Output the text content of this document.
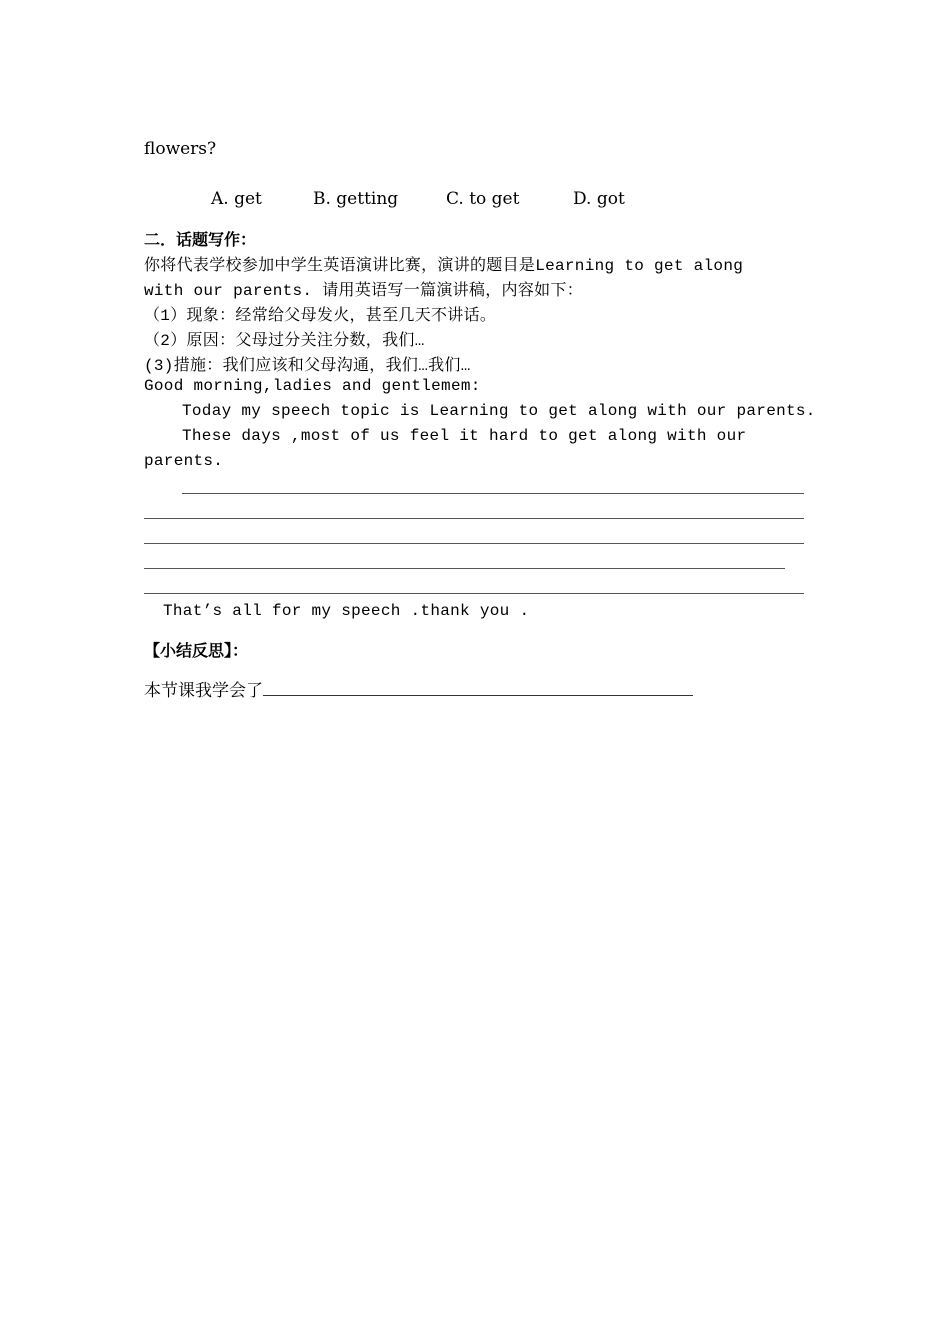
flowers?
A. get	B. getting	C. to get	D. got
二．话题写作：
你将代表学校参加中学生英语演讲比赛，演讲的题目是Learning to get along
with our parents. 请用英语写一篇演讲稿，内容如下：
（1）现象：经常给父母发火，甚至几天不讲话。
（2）原因：父母过分关注分数，我们…
(3)措施：我们应该和父母沟通，我们…我们…
Good morning,ladies and gentlemem:
Today my speech topic is Learning to get along with our parents.
These days ,most of us feel it hard to get along with our
parents.
That’s all for my speech .thank you .
【小结反思】：
本节课我学会了
